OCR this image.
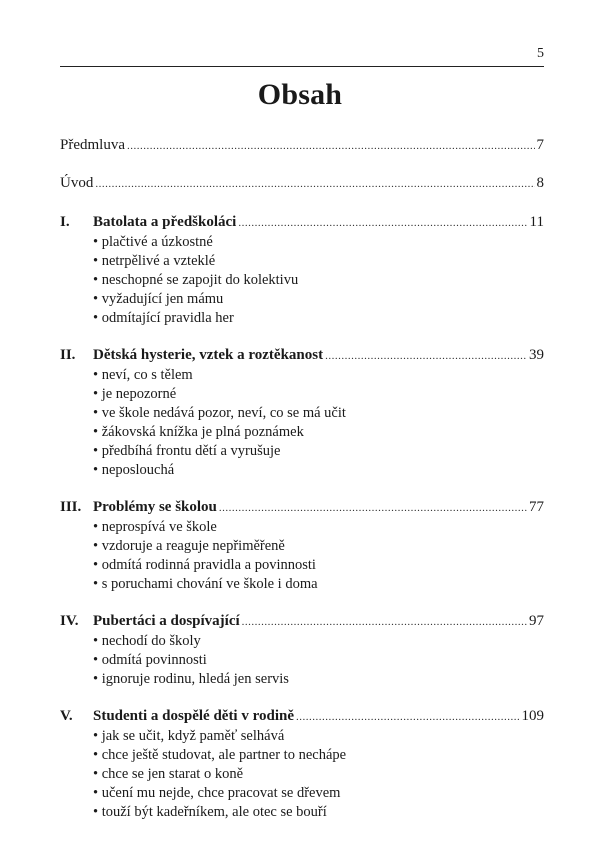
5
Obsah
Předmluva .....	7
Úvod .....	8
I.	Batolata a předškoláci .....	11
• plačtivé a úzkostné
• netrpělivé a vzteklé
• neschopné se zapojit do kolektivu
• vyžadující jen mámu
• odmítající pravidla her
II.	Dětská hysterie, vztek a roztěkanost .....	39
• neví, co s tělem
• je nepozorné
• ve škole nedává pozor, neví, co se má učit
• žákovská knížka je plná poznámek
• předbíhá frontu dětí a vyrušuje
• neposlouchá
III. Problémy se školou .....	77
• neprospívá ve škole
• vzdoruje a reaguje nepřiměřeně
• odmítá rodinná pravidla a povinnosti
• s poruchami chování ve škole i doma
IV. Pubertáci a dospívající .....	97
• nechodí do školy
• odmítá povinnosti
• ignoruje rodinu, hledá jen servis
V.	Studenti a dospělé děti v rodině .....	109
• jak se učit, když paměť selhává
• chce ještě studovat, ale partner to nechápe
• chce se jen starat o koně
• učení mu nejde, chce pracovat se dřevem
• touží být kadeřníkem, ale otec se bouří
